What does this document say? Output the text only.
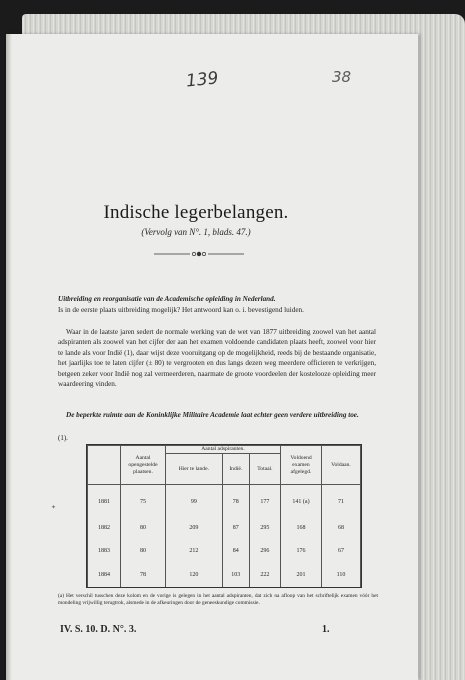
139	38
Indische legerbelangen.
(Vervolg van N°. 1, blads. 47.)
Uitbreiding en reorganisatie van de Academische opleiding in Nederland.
Is in de eerste plaats uitbreiding mogelijk? Het antwoord kan o. i. bevestigend luiden.
Waar in de laatste jaren sedert de normale werking van de wet van 1877 uitbreiding zoowel van het aantal adspiranten als zoowel van het cijfer der aan het examen voldoende candidaten plaats heeft, zoowel voor hier te lande als voor Indië (1), daar wijst deze vooruitgang op de mogelijkheid, reeds bij de bestaande organisatie, het jaarlijks toe te laten cijfer (± 80) te vergrooten en dus langs dezen weg meerdere officieren te verkrijgen, betgeen zeker voor Indië nog zal vermeerderen, naarmate de groote voordeelen der kostelooze opleiding meer waardeering vinden.
De beperkte ruimte aan de Koninklijke Militaire Academie laat echter geen verdere uitbreiding toe.
(1).
	Aantal opengestelde plaatsen.	Aantal adspiranten.			Voldoend examen afgelegd.	Voldaan.
		Hier te lande.	Indië.	Totaal.		
1881	75	99	78	177	141 (a)	71
1882	80	209	87	295	168	68
1883	80	212	84	296	176	67
1884	78	120	103	222	201	110
✦
(a) Het verschil tusschen deze kolom en de vorige is gelegen in het aantal adspiranten, dat zich na afloop van het schriftelijk examen vóór het mondeling vrijwillig terugtrok, alsmede in de afkeuringen door de geneeskundige commissie.
IV. S. 10. D. N°. 3.	1.
